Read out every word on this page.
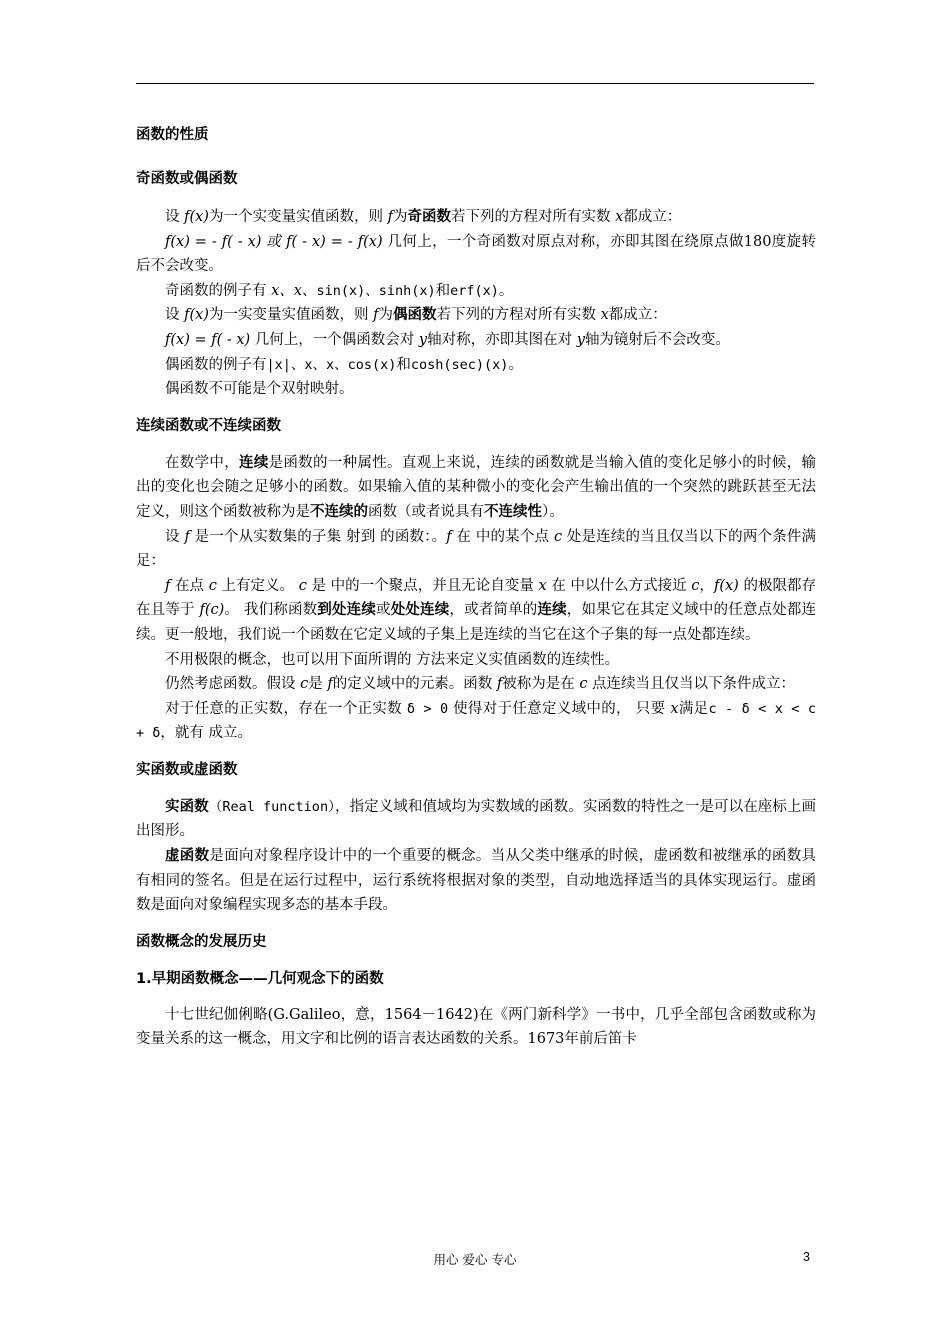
函数的性质
奇函数或偶函数

设 f(x)为一个实变量实值函数，则 f为奇函数若下列的方程对所有实数 x都成立：

f(x) = - f( - x) 或 f( - x) = - f(x) 几何上，一个奇函数对原点对称，亦即其图在绕原点做180度旋转后不会改变。

奇函数的例子有 x、x、sin(x)、sinh(x)和erf(x)。

设 f(x)为一实变量实值函数，则 f为偶函数若下列的方程对所有实数 x都成立：

f(x) = f( - x) 几何上，一个偶函数会对 y轴对称，亦即其图在对 y轴为镜射后不会改变。

偶函数的例子有|x|、x、x、cos(x)和cosh(sec)(x)。

偶函数不可能是个双射映射。

连续函数或不连续函数

在数学中，连续是函数的一种属性。直观上来说，连续的函数就是当输入值的变化足够小的时候，输出的变化也会随之足够小的函数。如果输入值的某种微小的变化会产生输出值的一个突然的跳跃甚至无法定义，则这个函数被称为是不连续的函数（或者说具有不连续性）。

设 f 是一个从实数集的子集 射到 的函数：。f 在 中的某个点 c 处是连续的当且仅当以下的两个条件满足：

f 在点 c 上有定义。 c 是 中的一个聚点，并且无论自变量 x 在 中以什么方式接近 c，f(x) 的极限都存在且等于 f(c)。 我们称函数到处连续或处处连续，或者简单的连续，如果它在其定义域中的任意点处都连续。更一般地，我们说一个函数在它定义域的子集上是连续的当它在这个子集的每一点处都连续。

不用极限的概念，也可以用下面所谓的 方法来定义实值函数的连续性。

仍然考虑函数。假设 c是 f的定义域中的元素。函数 f被称为是在 c 点连续当且仅当以下条件成立：

对于任意的正实数，存在一个正实数 δ > 0 使得对于任意定义域中的， 只要 x满足c - δ < x < c + δ，就有 成立。

实函数或虚函数

实函数（Real function），指定义域和值域均为实数域的函数。实函数的特性之一是可以在座标上画出图形。

虚函数是面向对象程序设计中的一个重要的概念。当从父类中继承的时候，虚函数和被继承的函数具有相同的签名。但是在运行过程中，运行系统将根据对象的类型，自动地选择适当的具体实现运行。虚函数是面向对象编程实现多态的基本手段。

函数概念的发展历史
1.早期函数概念——几何观念下的函数

十七世纪伽俐略(G.Galileo，意，1564－1642)在《两门新科学》一书中，几乎全部包含函数或称为变量关系的这一概念，用文字和比例的语言表达函数的关系。1673年前后笛卡

用心 爱心 专心	3
